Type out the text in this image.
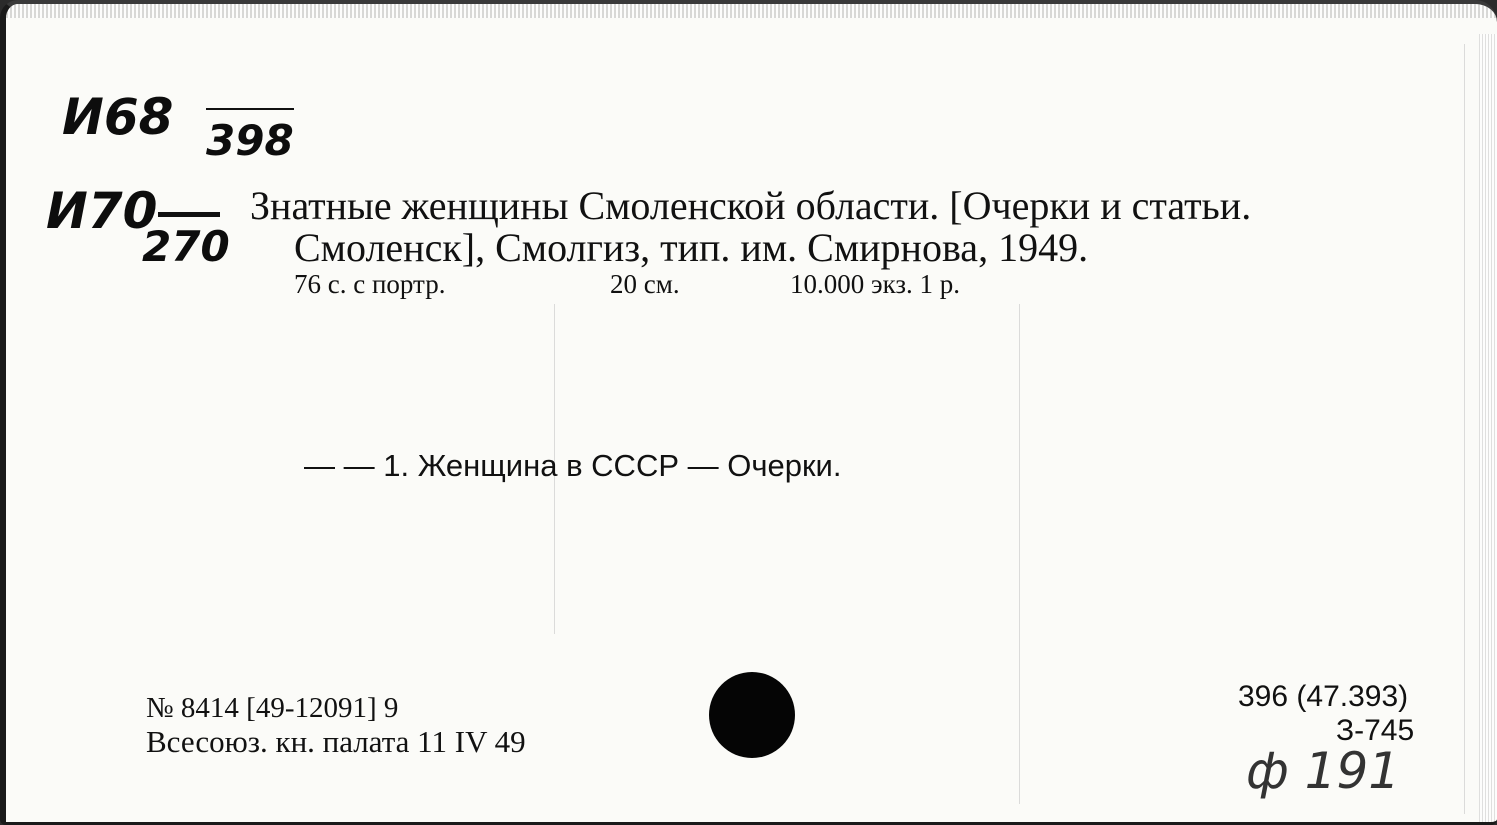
И68 398
И70
270
Знатные женщины Смоленской области. [Очерки и статьи.
Смоленск], Смолгиз, тип. им. Смирнова, 1949.
76 с. с портр.	20 см.	10.000 экз. 1 р.
— — 1. Женщина в СССР — Очерки.
№ 8414 [49-12091] 9
Всесоюз. кн. палата 11 IV 49
396 (47.393)
З-745
ф 191
